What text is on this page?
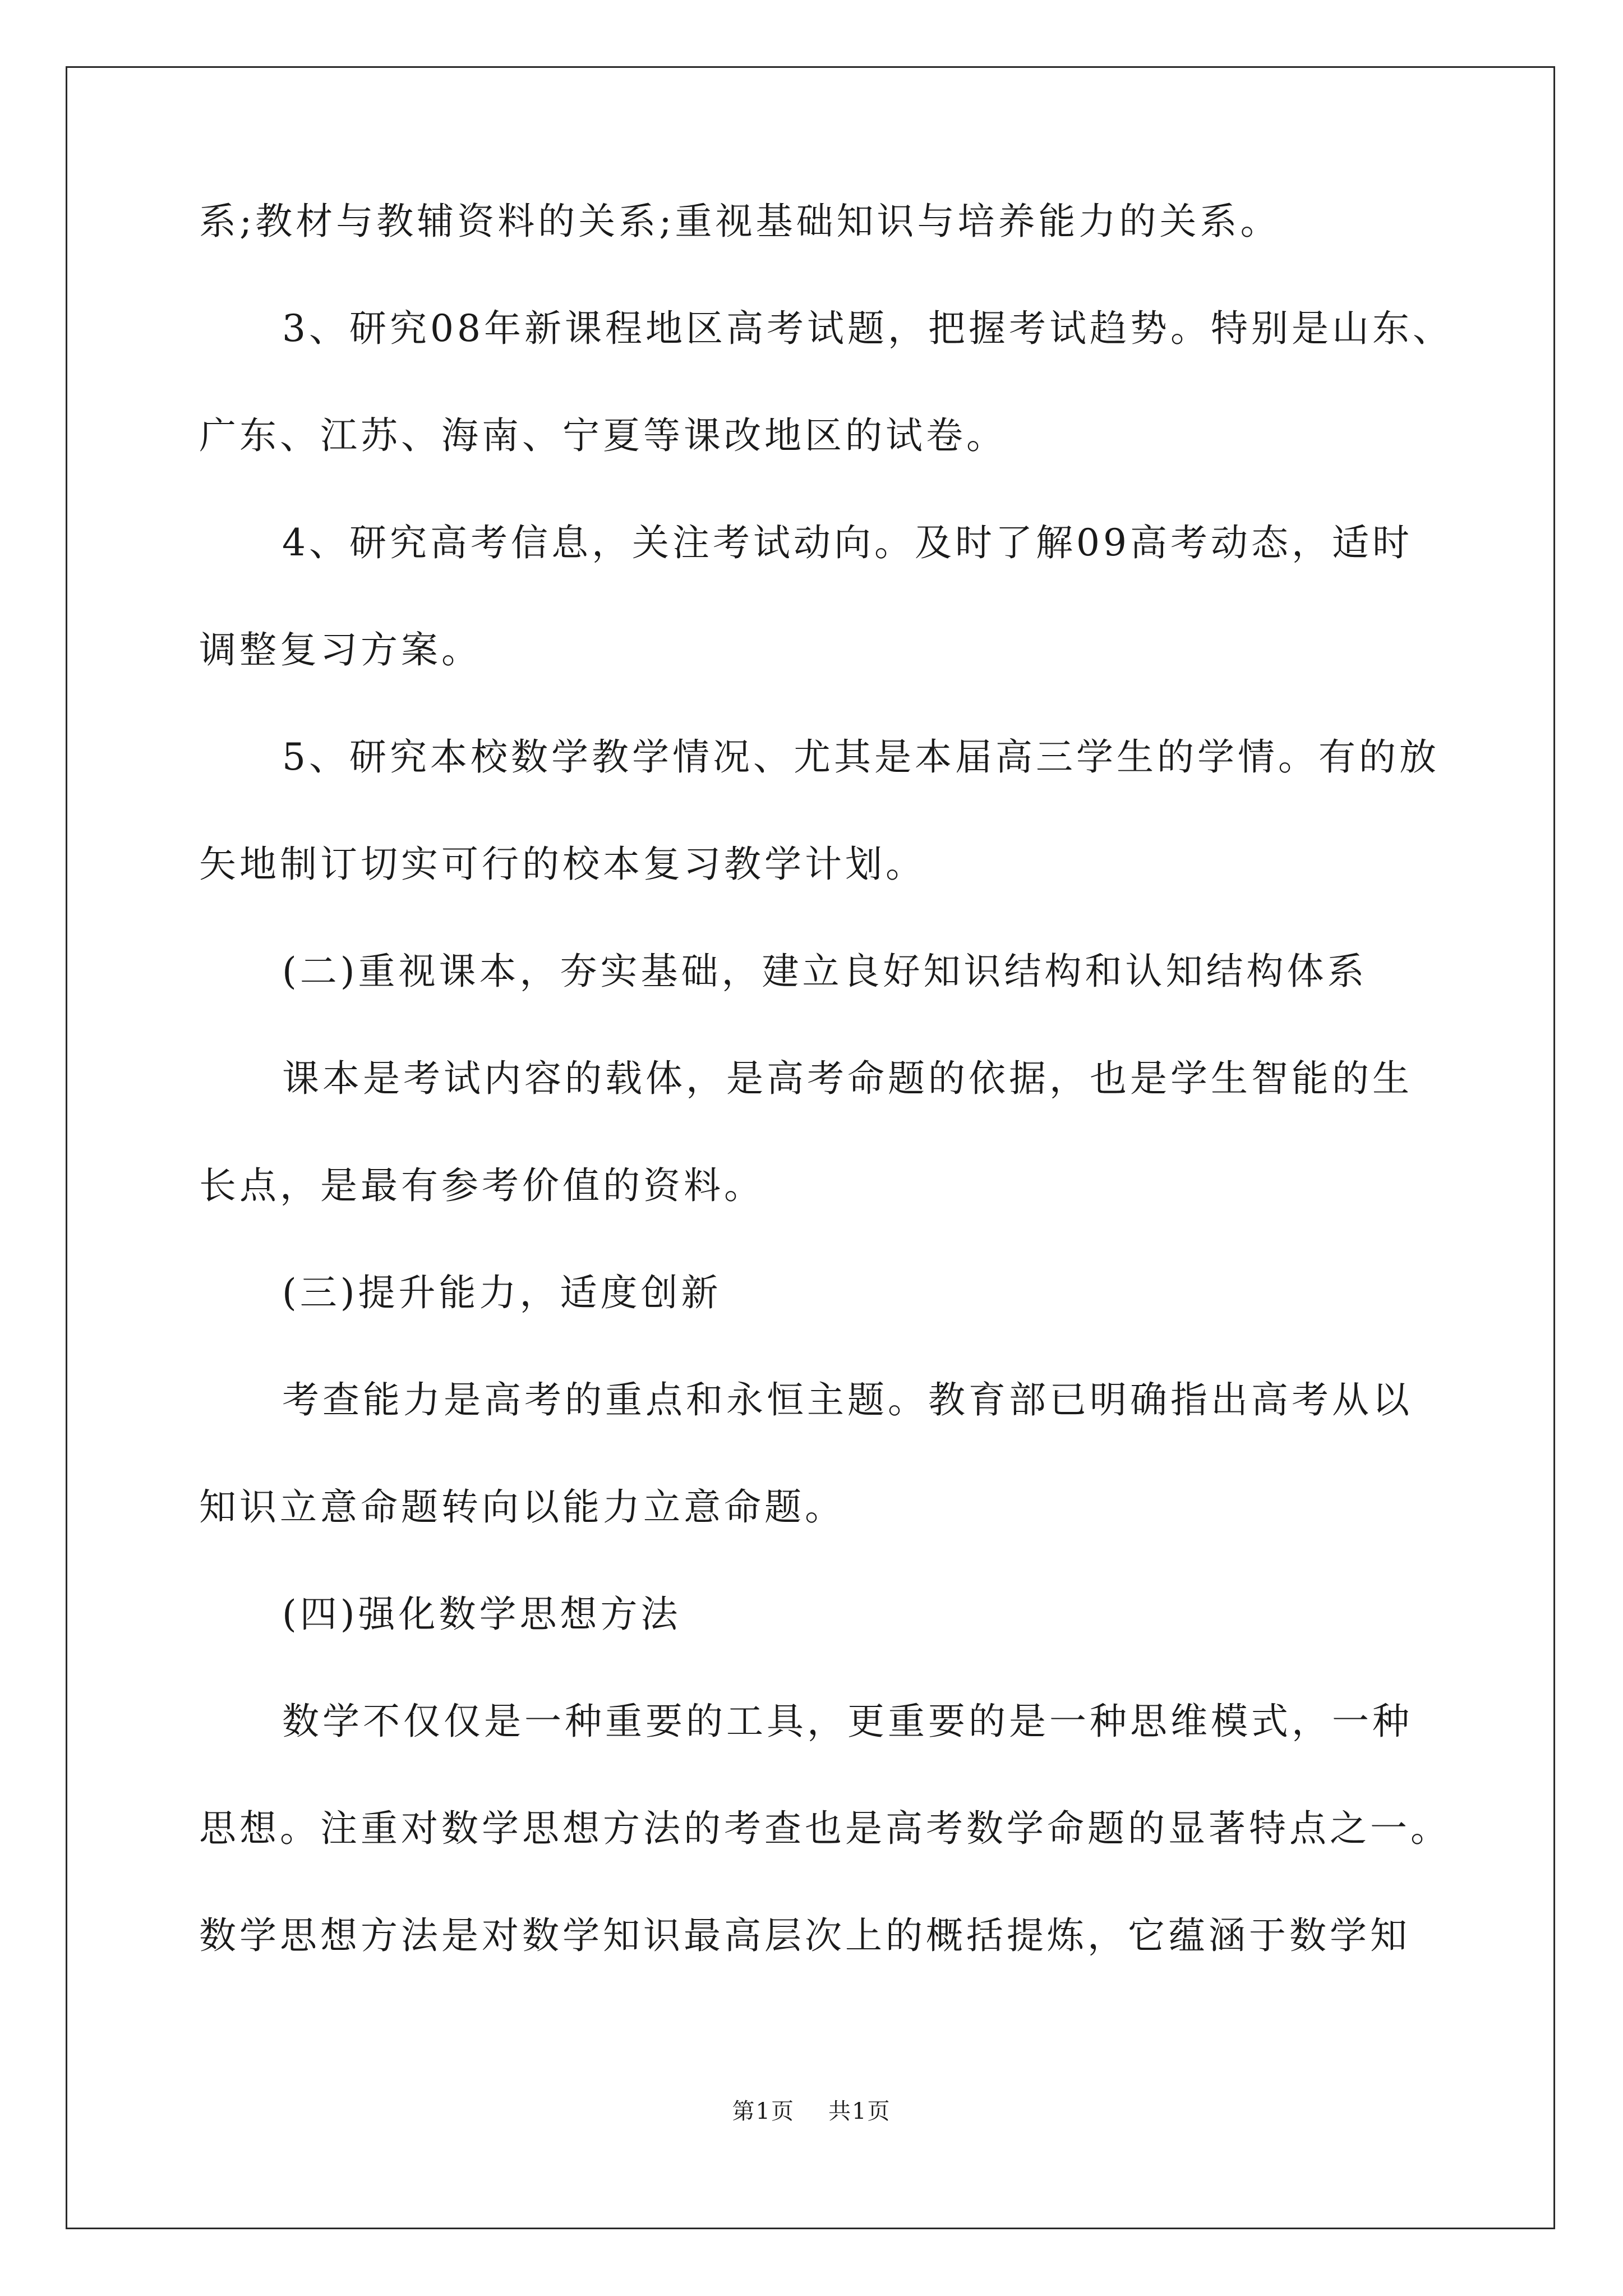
系;教材与教辅资料的关系;重视基础知识与培养能力的关系。
3、研究08年新课程地区高考试题，把握考试趋势。特别是山东、
广东、江苏、海南、宁夏等课改地区的试卷。
4、研究高考信息，关注考试动向。及时了解09高考动态，适时
调整复习方案。
5、研究本校数学教学情况、尤其是本届高三学生的学情。有的放
矢地制订切实可行的校本复习教学计划。
(二)重视课本，夯实基础，建立良好知识结构和认知结构体系
课本是考试内容的载体，是高考命题的依据，也是学生智能的生
长点，是最有参考价值的资料。
(三)提升能力，适度创新
考查能力是高考的重点和永恒主题。教育部已明确指出高考从以
知识立意命题转向以能力立意命题。
(四)强化数学思想方法
数学不仅仅是一种重要的工具，更重要的是一种思维模式，一种
思想。注重对数学思想方法的考查也是高考数学命题的显著特点之一。
数学思想方法是对数学知识最高层次上的概括提炼，它蕴涵于数学知
第1页 共1页
